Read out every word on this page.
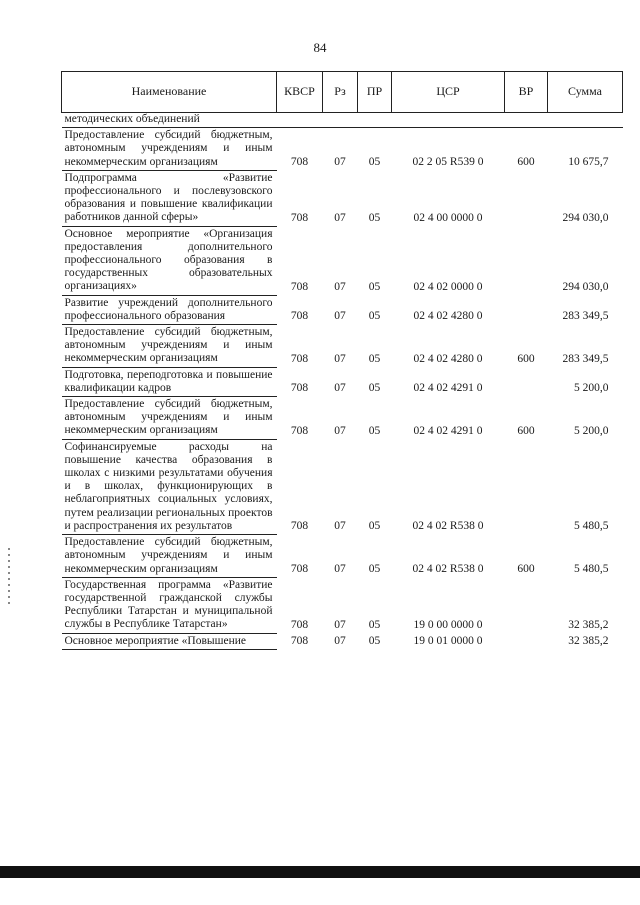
84
Наименование	КВСР	Рз	ПР	ЦСР	ВР	Сумма
методических объединений						
Предоставление субсидий бюджетным, автономным учреждениям и иным некоммерческим организациям	708	07	05	02 2 05 R539 0	600	10 675,7
Подпрограмма «Развитие профессионального и послевузовского образования и повышение квалификации работников данной сферы»	708	07	05	02 4 00 0000 0		294 030,0
Основное мероприятие «Организация предоставления дополнительного профессионального образования в государственных образовательных организациях»	708	07	05	02 4 02 0000 0		294 030,0
Развитие учреждений дополнительного профессионального образования	708	07	05	02 4 02 4280 0		283 349,5
Предоставление субсидий бюджетным, автономным учреждениям и иным некоммерческим организациям	708	07	05	02 4 02 4280 0	600	283 349,5
Подготовка, переподготовка и повышение квалификации кадров	708	07	05	02 4 02 4291 0		5 200,0
Предоставление субсидий бюджетным, автономным учреждениям и иным некоммерческим организациям	708	07	05	02 4 02 4291 0	600	5 200,0
Софинансируемые расходы на повышение качества образования в школах с низкими результатами обучения и в школах, функционирующих в неблагоприятных социальных условиях, путем реализации региональных проектов и распространения их результатов	708	07	05	02 4 02 R538 0		5 480,5
Предоставление субсидий бюджетным, автономным учреждениям и иным некоммерческим организациям	708	07	05	02 4 02 R538 0	600	5 480,5
Государственная программа «Развитие государственной гражданской службы Республики Татарстан и муниципальной службы в Республике Татарстан»	708	07	05	19 0 00 0000 0		32 385,2
Основное мероприятие «Повышение	708	07	05	19 0 01 0000 0		32 385,2
